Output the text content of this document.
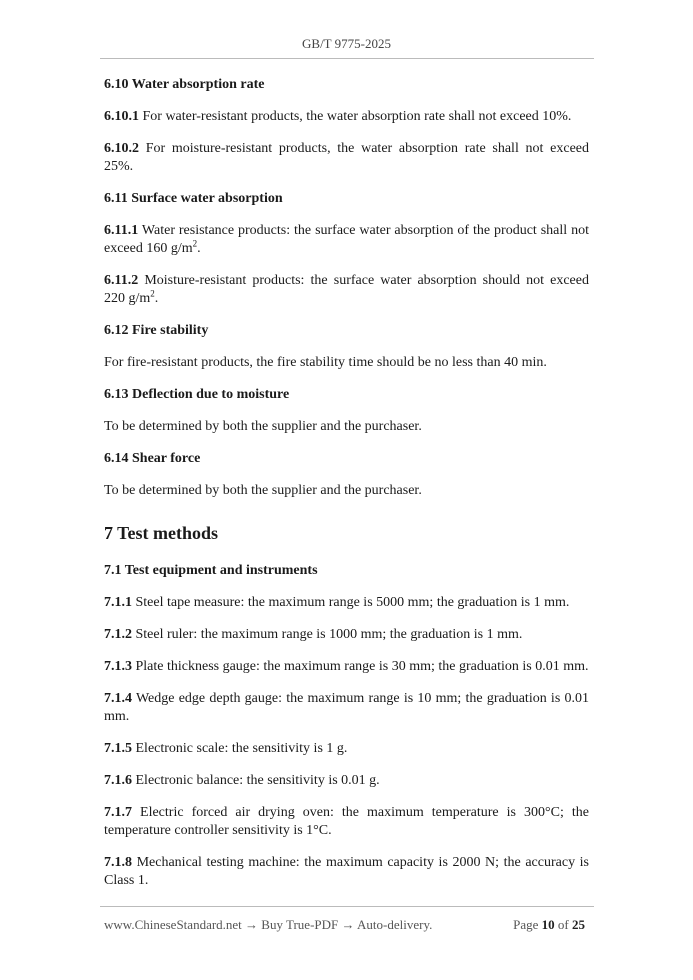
GB/T 9775-2025
6.10 Water absorption rate
6.10.1 For water-resistant products, the water absorption rate shall not exceed 10%.
6.10.2 For moisture-resistant products, the water absorption rate shall not exceed 25%.
6.11 Surface water absorption
6.11.1 Water resistance products: the surface water absorption of the product shall not exceed 160 $g/m^2$.
6.11.2 Moisture-resistant products: the surface water absorption should not exceed 220 $g/m^2$.
6.12 Fire stability
For fire-resistant products, the fire stability time should be no less than 40 min.
6.13 Deflection due to moisture
To be determined by both the supplier and the purchaser.
6.14 Shear force
To be determined by both the supplier and the purchaser.
7 Test methods
7.1 Test equipment and instruments
7.1.1 Steel tape measure: the maximum range is 5000 mm; the graduation is 1 mm.
7.1.2 Steel ruler: the maximum range is 1000 mm; the graduation is 1 mm.
7.1.3 Plate thickness gauge: the maximum range is 30 mm; the graduation is 0.01 mm.
7.1.4 Wedge edge depth gauge: the maximum range is 10 mm; the graduation is 0.01 mm.
7.1.5 Electronic scale: the sensitivity is 1 g.
7.1.6 Electronic balance: the sensitivity is 0.01 g.
7.1.7 Electric forced air drying oven: the maximum temperature is 300°C; the temperature controller sensitivity is 1°C.
7.1.8 Mechanical testing machine: the maximum capacity is 2000 N; the accuracy is Class 1.
www.ChineseStandard.net → Buy True-PDF → Auto-delivery.	Page 10 of 25
